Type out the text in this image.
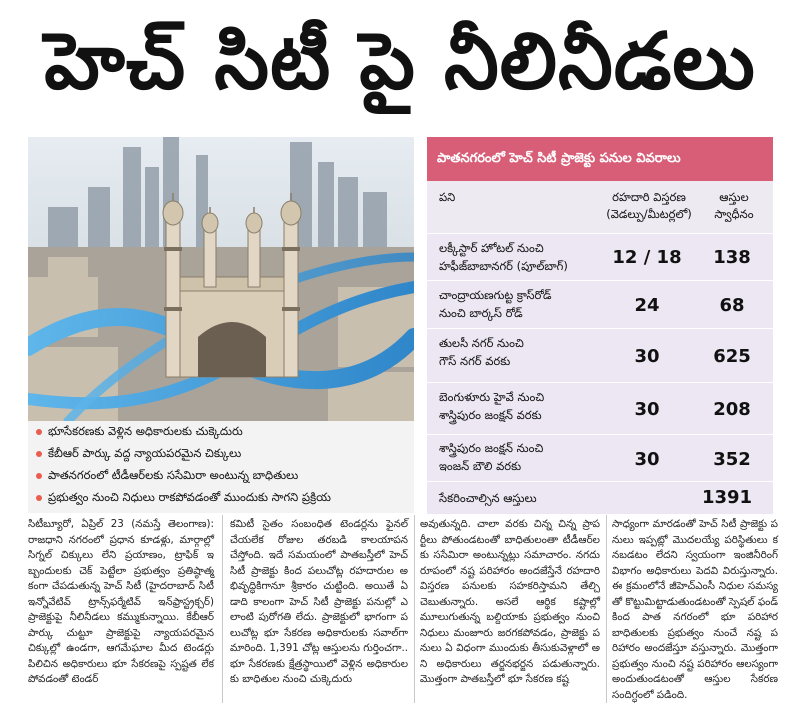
హెచ్ సిటీ పై నీలినీడలు
భూసేకరణకు వెళ్లిన అధికారులకు చుక్కెదురు
కేబీఆర్ పార్కు వద్ద న్యాయపరమైన చిక్కులు
పాతనగరంలో టీడీఆర్‌లకు ససేమిరా అంటున్న బాధితులు
ప్రభుత్వం నుంచి నిధులు రాకపోవడంతో ముందుకు సాగని ప్రక్రియ
పాతనగరంలో హెచ్ సిటీ ప్రాజెక్టు పనుల వివరాలు
పని	రహదారి విస్తరణ
(వెడల్పు/మీటర్లలో)
ఆస్తుల
స్వాధీనం
లక్కీస్టార్ హోటల్ నుంచి
హఫీజ్‌బాబానగర్ (పూల్‌బాగ్) 12 / 18	138
చాంద్రాయణగుట్ట క్రాస్‌రోడ్
నుంచి బార్కస్ రోడ్	24	68
తులసీ నగర్ నుంచి
గౌస్ నగర్ వరకు	30	625
బెంగుళూరు హైవే నుంచి
శాస్త్రిపురం జంక్షన్ వరకు	30	208
శాస్త్రిపురం జంక్షన్ నుంచి
ఇంజన్ బౌలి వరకు	30	352
సేకరించాల్సిన ఆస్తులు	1391
సిటీబ్యూరో, ఏప్రిల్ 23 (నమస్తే తెలంగాణ): రాజధాని నగరంలో ప్రధాన కూడళ్లు, మార్గాల్లో సిగ్నల్ చిక్కులు లేని ప్రయాణం, ట్రాఫిక్ ఇబ్బందులకు చెక్ పెట్టేలా ప్రభుత్వం ప్రతిష్ఠాత్మకంగా చేపడుతున్న హెచ్ సిటీ (హైదరాబాద్ సిటీ ఇన్నోవేటివ్ ట్రాన్స్‌ఫర్మేటివ్ ఇన్‌ఫ్రాస్ట్రక్చర్) ప్రాజెక్టుపై నీలినీడలు కమ్ముకున్నాయి. కేబీఆర్ పార్కు చుట్టూ ప్రాజెక్టుపై న్యాయపరమైన చిక్కుల్లో ఉండగా, ఆగమేఘాల మీద టెండర్లు పిలిచిన అధికారులు భూ సేకరణపై స్పష్టత లేకపోవడంతో టెండర్
కమిటీ సైతం సంబంధిత టెండర్లను ఫైనల్ చేయలేక రోజుల తరబడి కాలయాపన చేస్తోంది. ఇదే సమయంలో పాతబస్తీలో హెచ్ సిటీ ప్రాజెక్టు కింద పలుచోట్ల రహదారుల అభివృద్ధికిగానూ శ్రీకారం చుట్టింది. అయితే ఏడాది కాలంగా హెచ్ సిటీ ప్రాజెక్టు పనుల్లో ఎలాంటి పురోగతి లేదు. ప్రాజెక్టులో భాగంగా పలుచోట్ల భూ సేకరణ అధికారులకు సవాల్‌గా మారింది. 1,391 చోట్ల ఆస్తులను గుర్తించగా.. భూ సేకరణకు క్షేత్రస్థాయిలో వెళ్లిన అధికారులకు బాధితుల నుంచి చుక్కెదురు
అవుతున్నది. చాలా వరకు చిన్న చిన్న ప్రాపర్టీలు పోతుండటంతో బాధితులంతా టీడీఆర్‌లకు ససేమిరా అంటున్నట్లు సమాచారం. నగదు రూపంలో నష్ట పరిహారం అందజేస్తేనే రహదారి విస్తరణ పనులకు సహకరిస్తామని తేల్చి చెబుతున్నారు. అసలే ఆర్థిక కష్టాల్లో మూలుగుతున్న బల్దియాకు ప్రభుత్వం నుంచి నిధులు మంజూరు జరగకపోవడం, ప్రాజెక్టు పనులు ఏ విధంగా ముందుకు తీసుకువెళ్లాలో అని అధికారులు తర్జనభర్జన పడుతున్నారు. మొత్తంగా పాతబస్తీలో భూ సేకరణ కష్ట
సాధ్యంగా మారడంతో హెచ్ సిటీ ప్రాజెక్టు పనులు ఇప్పట్లో మొదలయ్యే పరిస్థితులు కనబడటం లేదని స్వయంగా ఇంజినీరింగ్ విభాగం అధికారులు పెదవి విరుస్తున్నారు. ఈ క్రమంలోనే జీహెచ్‌ఎంసీ నిధుల సమస్యతో కొట్టుమిట్టాడుతుండటంతో స్పెషల్ ఫండ్ కింద పాత నగరంలో భూ పరిహార బాధితులకు ప్రభుత్వం నుంచే నష్ట పరిహారం అందజేస్తూ వస్తున్నారు. మొత్తంగా ప్రభుత్వం నుంచి నష్ట పరిహారం ఆలస్యంగా అందుతుండటంతో ఆస్తుల సేకరణ సందిగ్ధంలో పడింది.
